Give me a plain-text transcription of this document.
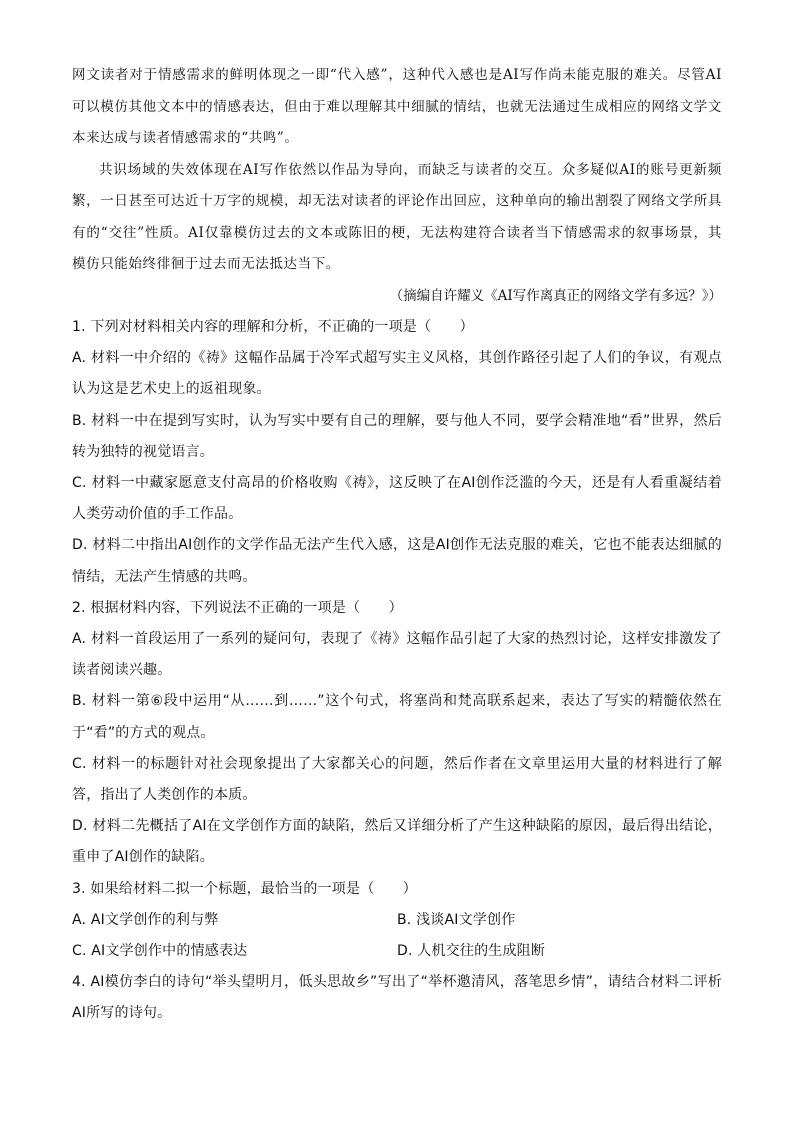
网文读者对于情感需求的鲜明体现之一即“代入感”，这种代入感也是AI写作尚未能克服的难关。尽管AI可以模仿其他文本中的情感表达，但由于难以理解其中细腻的情结，也就无法通过生成相应的网络文学文本来达成与读者情感需求的“共鸣”。

共识场域的失效体现在AI写作依然以作品为导向，而缺乏与读者的交互。众多疑似AI的账号更新频繁，一日甚至可达近十万字的规模，却无法对读者的评论作出回应，这种单向的输出割裂了网络文学所具有的“交往”性质。AI仅靠模仿过去的文本或陈旧的梗，无法构建符合读者当下情感需求的叙事场景，其模仿只能始终徘徊于过去而无法抵达当下。

（摘编自许耀义《AI写作离真正的网络文学有多远？》）

1. 下列对材料相关内容的理解和分析，不正确的一项是（　　）

A. 材料一中介绍的《祷》这幅作品属于冷军式超写实主义风格，其创作路径引起了人们的争议，有观点认为这是艺术史上的返祖现象。

B. 材料一中在提到写实时，认为写实中要有自己的理解，要与他人不同，要学会精准地“看”世界，然后转为独特的视觉语言。

C. 材料一中藏家愿意支付高昂的价格收购《祷》，这反映了在AI创作泛滥的今天，还是有人看重凝结着人类劳动价值的手工作品。

D. 材料二中指出AI创作的文学作品无法产生代入感，这是AI创作无法克服的难关，它也不能表达细腻的情结，无法产生情感的共鸣。

2. 根据材料内容，下列说法不正确的一项是（　　）

A. 材料一首段运用了一系列的疑问句，表现了《祷》这幅作品引起了大家的热烈讨论，这样安排激发了读者阅读兴趣。

B. 材料一第⑥段中运用“从……到……”这个句式，将塞尚和梵高联系起来，表达了写实的精髓依然在于“看”的方式的观点。

C. 材料一的标题针对社会现象提出了大家都关心的问题，然后作者在文章里运用大量的材料进行了解答，指出了人类创作的本质。

D. 材料二先概括了AI在文学创作方面的缺陷，然后又详细分析了产生这种缺陷的原因，最后得出结论，重申了AI创作的缺陷。

3. 如果给材料二拟一个标题，最恰当的一项是（　　）

A. AI文学创作的利与弊	B. 浅谈AI文学创作
C. AI文学创作中的情感表达	D. 人机交往的生成阻断

4. AI模仿李白的诗句“举头望明月，低头思故乡”写出了“举杯邀清风，落笔思乡情”，请结合材料二评析AI所写的诗句。
